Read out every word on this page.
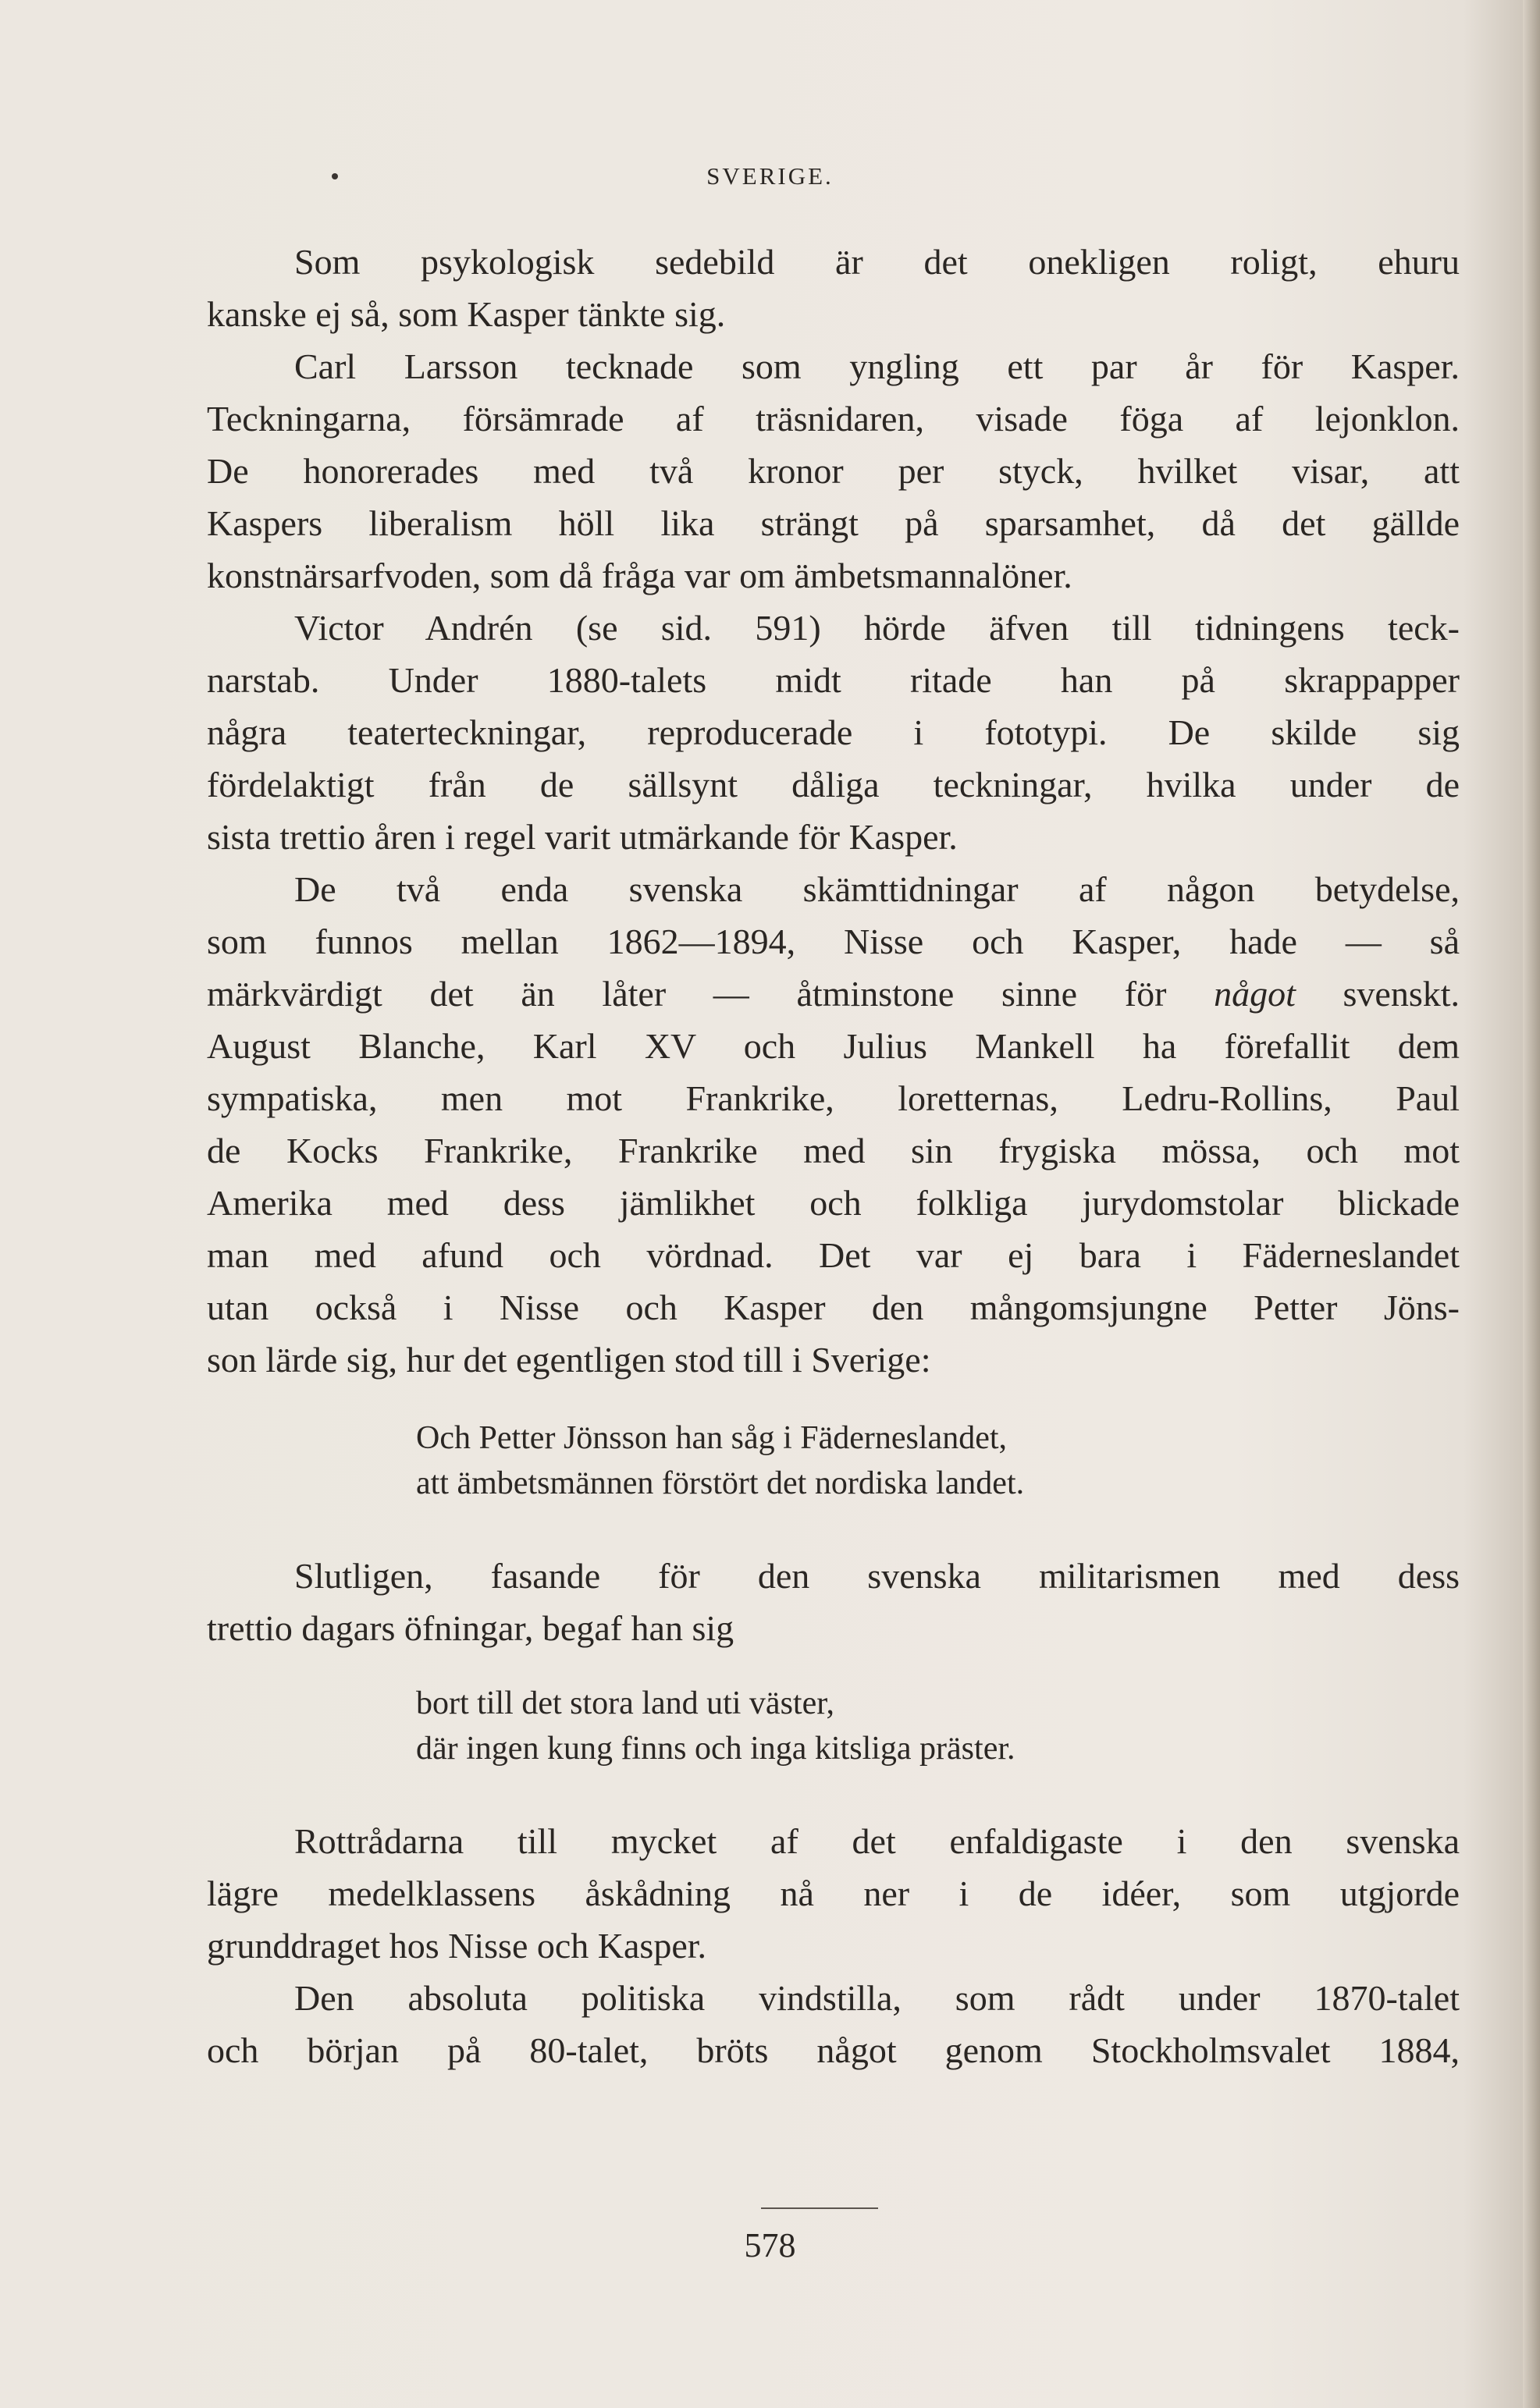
SVERIGE.
Som psykologisk sedebild är det onekligen roligt, ehuru
kanske ej så, som Kasper tänkte sig.
Carl Larsson tecknade som yngling ett par år för Kasper.
Teckningarna, försämrade af träsnidaren, visade föga af lejonklon.
De honorerades med två kronor per styck, hvilket visar, att
Kaspers liberalism höll lika strängt på sparsamhet, då det gällde
konstnärsarfvoden, som då fråga var om ämbetsmannalöner.
Victor Andrén (se sid. 591) hörde äfven till tidningens teck-
narstab. Under 1880-talets midt ritade han på skrappapper
några teaterteckningar, reproducerade i fototypi. De skilde sig
fördelaktigt från de sällsynt dåliga teckningar, hvilka under de
sista trettio åren i regel varit utmärkande för Kasper.
De två enda svenska skämttidningar af någon betydelse,
som funnos mellan 1862—1894, Nisse och Kasper, hade — så
märkvärdigt det än låter — åtminstone sinne för något svenskt.
August Blanche, Karl XV och Julius Mankell ha förefallit dem
sympatiska, men mot Frankrike, loretternas, Ledru-Rollins, Paul
de Kocks Frankrike, Frankrike med sin frygiska mössa, och mot
Amerika med dess jämlikhet och folkliga jurydomstolar blickade
man med afund och vördnad. Det var ej bara i Fäderneslandet
utan också i Nisse och Kasper den mångomsjungne Petter Jöns-
son lärde sig, hur det egentligen stod till i Sverige:
Och Petter Jönsson han såg i Fäderneslandet,
att ämbetsmännen förstört det nordiska landet.
Slutligen, fasande för den svenska militarismen med dess
trettio dagars öfningar, begaf han sig
bort till det stora land uti väster,
där ingen kung finns och inga kitsliga präster.
Rottrådarna till mycket af det enfaldigaste i den svenska
lägre medelklassens åskådning nå ner i de idéer, som utgjorde
grunddraget hos Nisse och Kasper.
Den absoluta politiska vindstilla, som rådt under 1870-talet
och början på 80-talet, bröts något genom Stockholmsvalet 1884,
578
